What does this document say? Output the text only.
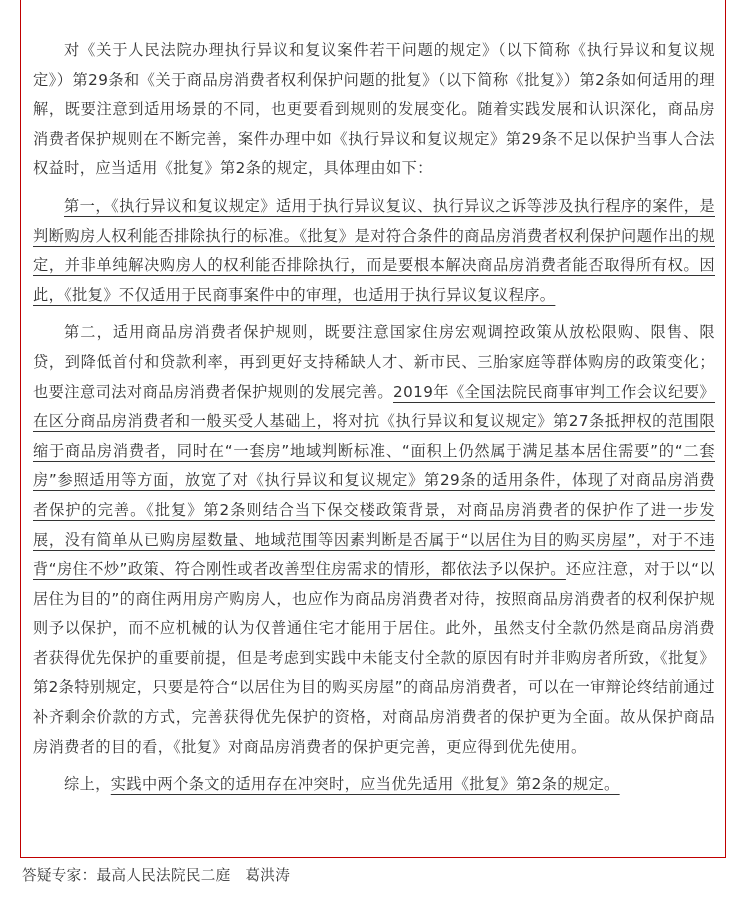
对《关于人民法院办理执行异议和复议案件若干问题的规定》（以下简称《执行异议和复议规定》）第29条和《关于商品房消费者权利保护问题的批复》（以下简称《批复》）第2条如何适用的理解，既要注意到适用场景的不同，也更要看到规则的发展变化。随着实践发展和认识深化，商品房消费者保护规则在不断完善，案件办理中如《执行异议和复议规定》第29条不足以保护当事人合法权益时，应当适用《批复》第2条的规定，具体理由如下：

第一，《执行异议和复议规定》适用于执行异议复议、执行异议之诉等涉及执行程序的案件，是判断购房人权利能否排除执行的标准。《批复》是对符合条件的商品房消费者权利保护问题作出的规定，并非单纯解决购房人的权利能否排除执行，而是要根本解决商品房消费者能否取得所有权。因此，《批复》不仅适用于民商事案件中的审理，也适用于执行异议复议程序。

第二，适用商品房消费者保护规则，既要注意国家住房宏观调控政策从放松限购、限售、限贷，到降低首付和贷款利率，再到更好支持稀缺人才、新市民、三胎家庭等群体购房的政策变化；也要注意司法对商品房消费者保护规则的发展完善。2019年《全国法院民商事审判工作会议纪要》在区分商品房消费者和一般买受人基础上，将对抗《执行异议和复议规定》第27条抵押权的范围限缩于商品房消费者，同时在“一套房”地域判断标准、“面积上仍然属于满足基本居住需要”的“二套房”参照适用等方面，放宽了对《执行异议和复议规定》第29条的适用条件，体现了对商品房消费者保护的完善。《批复》第2条则结合当下保交楼政策背景，对商品房消费者的保护作了进一步发展，没有简单从已购房屋数量、地域范围等因素判断是否属于“以居住为目的购买房屋”，对于不违背“房住不炒”政策、符合刚性或者改善型住房需求的情形，都依法予以保护。还应注意，对于以“以居住为目的”的商住两用房产购房人，也应作为商品房消费者对待，按照商品房消费者的权利保护规则予以保护，而不应机械的认为仅普通住宅才能用于居住。此外，虽然支付全款仍然是商品房消费者获得优先保护的重要前提，但是考虑到实践中未能支付全款的原因有时并非购房者所致，《批复》第2条特别规定，只要是符合“以居住为目的购买房屋”的商品房消费者，可以在一审辩论终结前通过补齐剩余价款的方式，完善获得优先保护的资格，对商品房消费者的保护更为全面。故从保护商品房消费者的目的看，《批复》对商品房消费者的保护更完善，更应得到优先使用。

综上，实践中两个条文的适用存在冲突时，应当优先适用《批复》第2条的规定。

答疑专家：最高人民法院民二庭　葛洪涛
